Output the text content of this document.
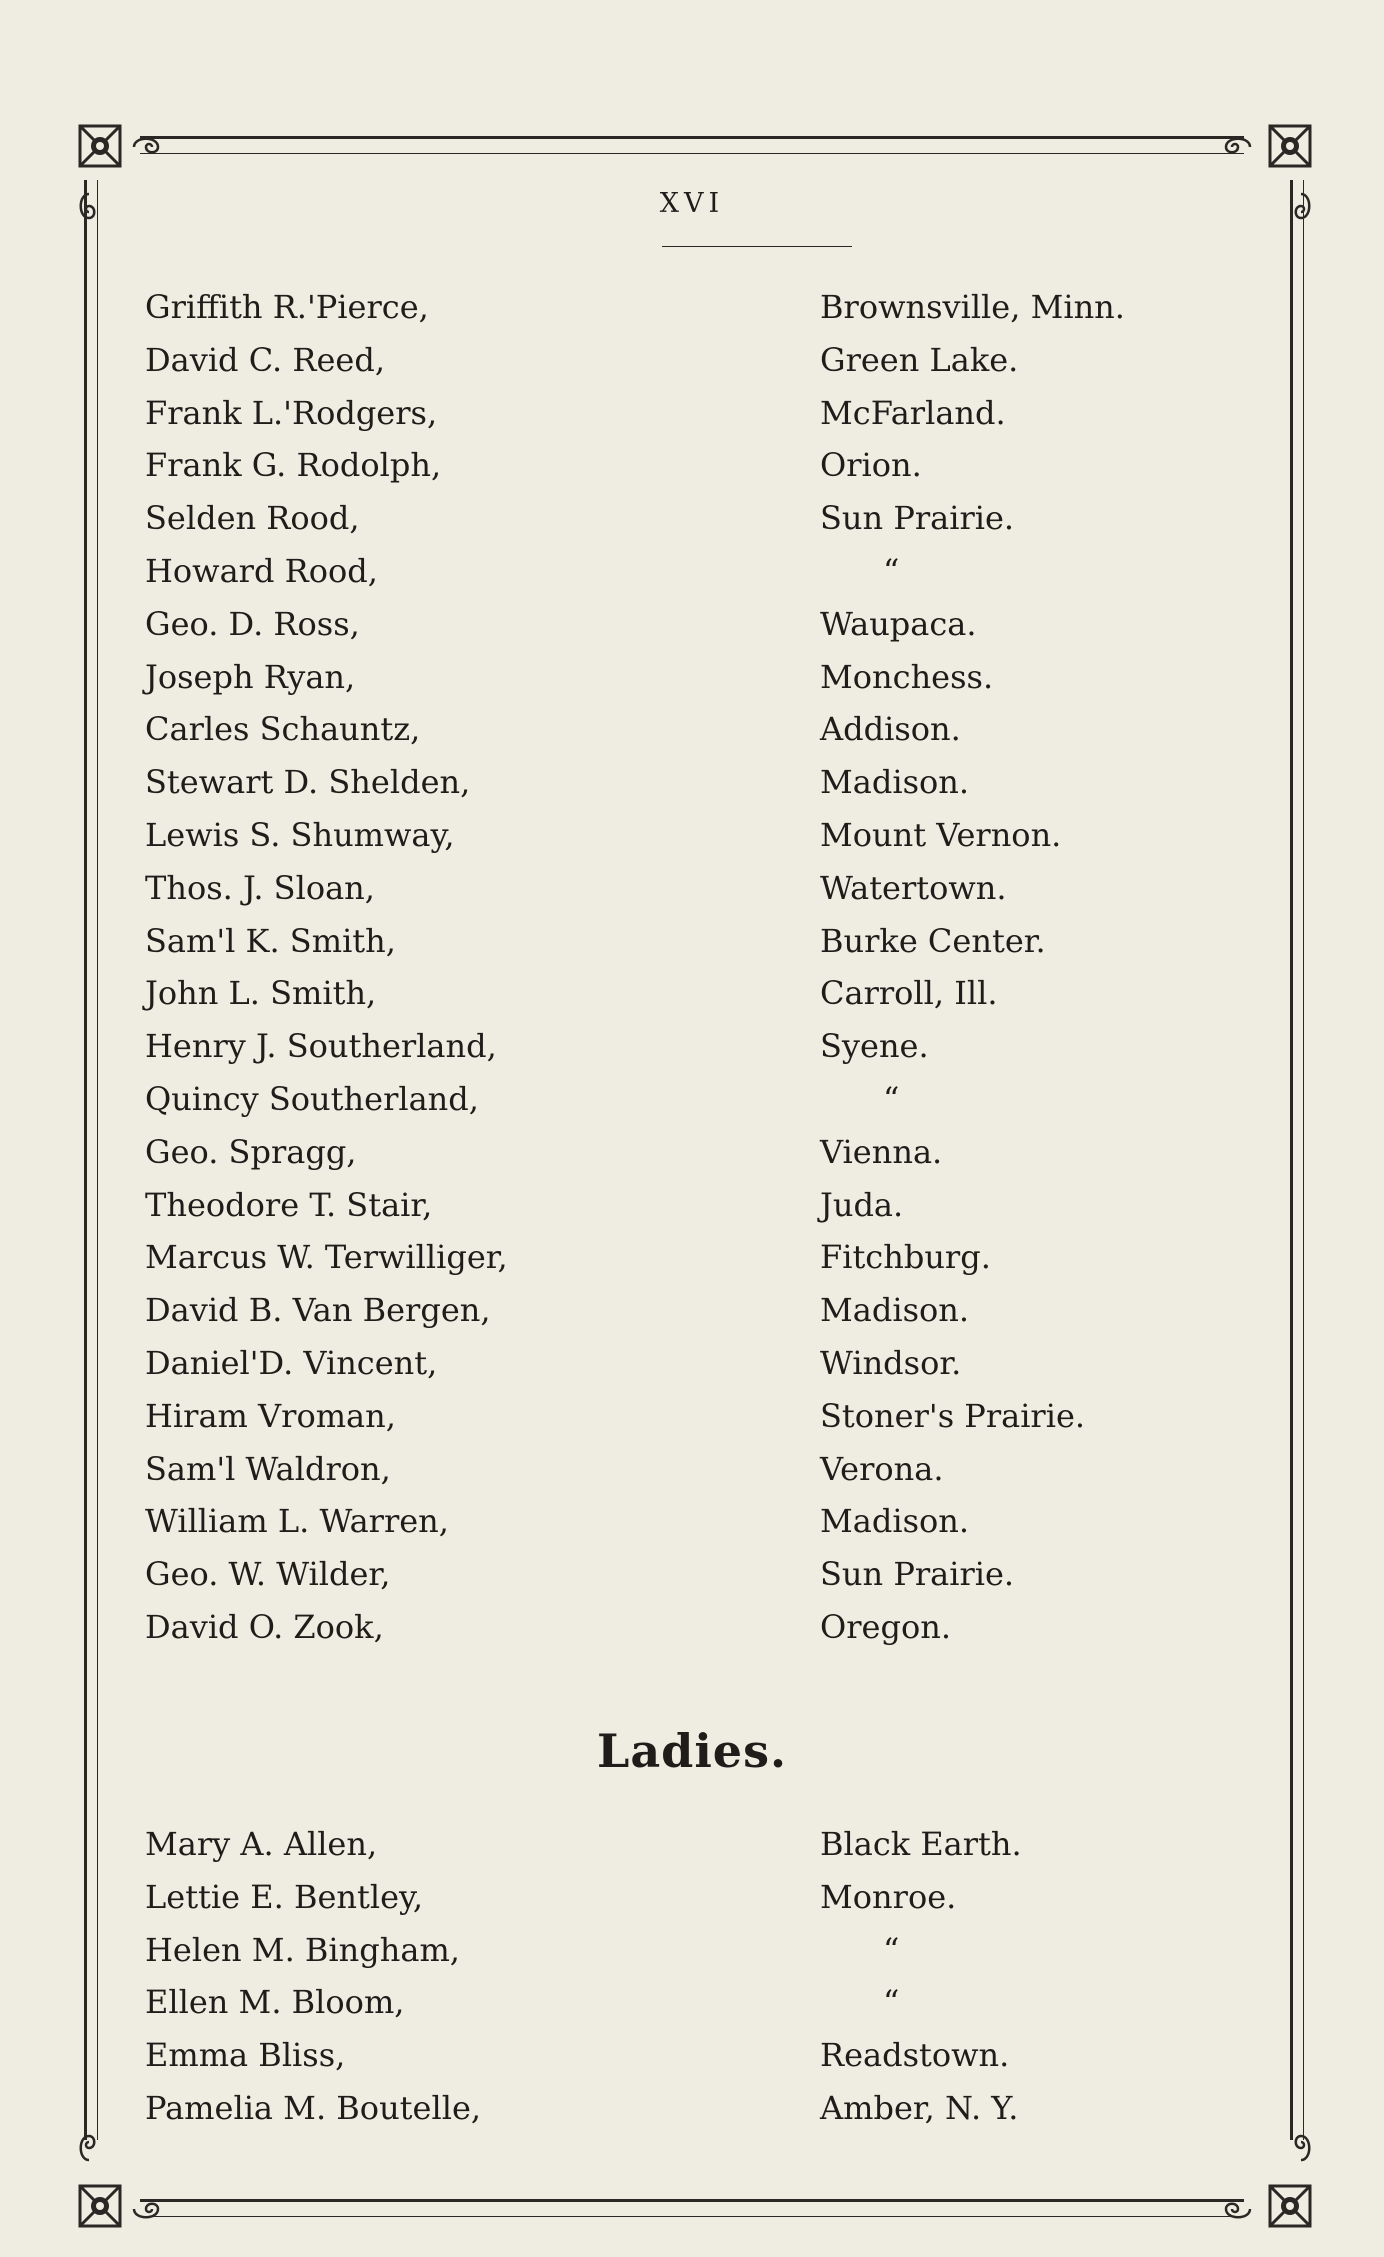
XVI
Griffith R.'Pierce,	Brownsville, Minn.
David C. Reed,	Green Lake.
Frank L.'Rodgers,	McFarland.
Frank G. Rodolph,	Orion.
Selden Rood,	Sun Prairie.
Howard Rood,	“
Geo. D. Ross,	Waupaca.
Joseph Ryan,	Monchess.
Carles Schauntz,	Addison.
Stewart D. Shelden,	Madison.
Lewis S. Shumway,	Mount Vernon.
Thos. J. Sloan,	Watertown.
Sam'l K. Smith,	Burke Center.
John L. Smith,	Carroll, Ill.
Henry J. Southerland,	Syene.
Quincy Southerland,	“
Geo. Spragg,	Vienna.
Theodore T. Stair,	Juda.
Marcus W. Terwilliger,	Fitchburg.
David B. Van Bergen,	Madison.
Daniel'D. Vincent,	Windsor.
Hiram Vroman,	Stoner's Prairie.
Sam'l Waldron,	Verona.
William L. Warren,	Madison.
Geo. W. Wilder,	Sun Prairie.
David O. Zook,	Oregon.
Ladies.
Mary A. Allen,	Black Earth.
Lettie E. Bentley,	Monroe.
Helen M. Bingham,	“
Ellen M. Bloom,	“
Emma Bliss,	Readstown.
Pamelia M. Boutelle,	Amber, N. Y.
